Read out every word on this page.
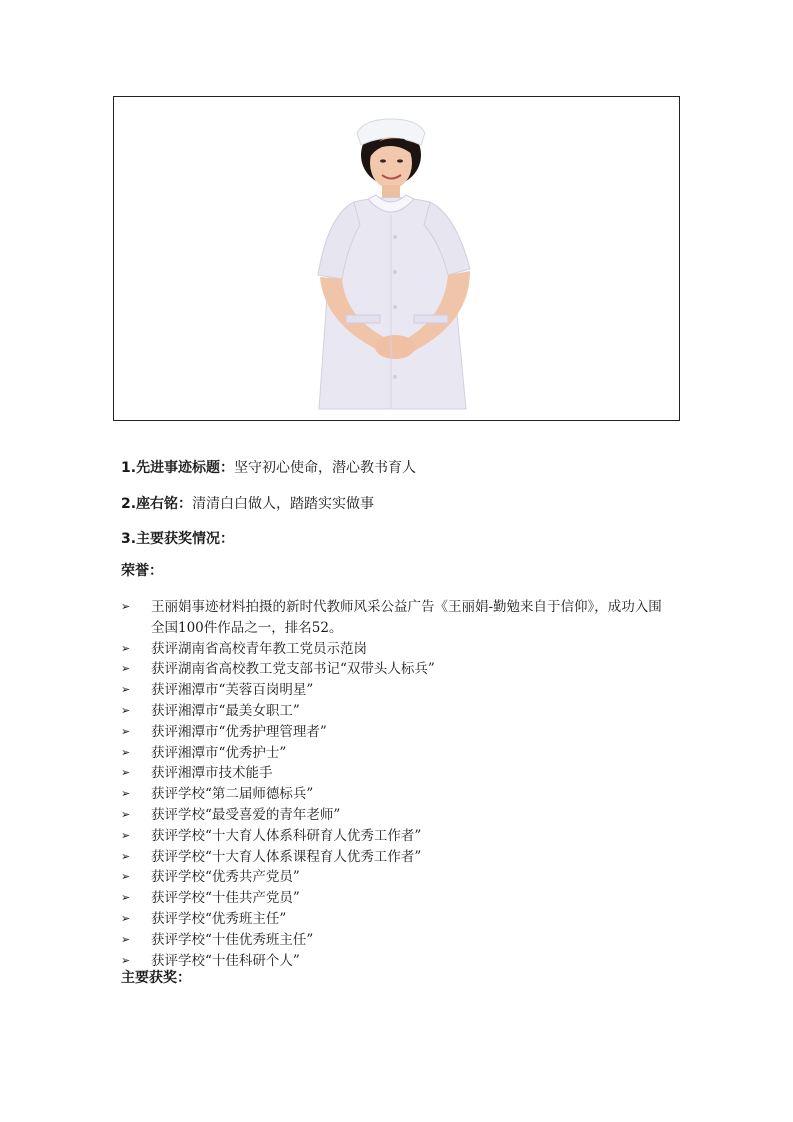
1.先进事迹标题：坚守初心使命，潜心教书育人
2.座右铭：清清白白做人，踏踏实实做事
3.主要获奖情况：
荣誉：
➢ 王丽娟事迹材料拍摄的新时代教师风采公益广告《王丽娟-勤勉来自于信仰》，成功入围全国100件作品之一，排名52。
➢ 获评湖南省高校青年教工党员示范岗
➢ 获评湖南省高校教工党支部书记“双带头人标兵”
➢ 获评湘潭市“芙蓉百岗明星”
➢ 获评湘潭市“最美女职工”
➢ 获评湘潭市“优秀护理管理者”
➢ 获评湘潭市“优秀护士”
➢ 获评湘潭市技术能手
➢ 获评学校“第二届师德标兵”
➢ 获评学校“最受喜爱的青年老师”
➢ 获评学校“十大育人体系科研育人优秀工作者”
➢ 获评学校“十大育人体系课程育人优秀工作者”
➢ 获评学校“优秀共产党员”
➢ 获评学校“十佳共产党员”
➢ 获评学校“优秀班主任”
➢ 获评学校“十佳优秀班主任”
➢ 获评学校“十佳科研个人”
主要获奖：
